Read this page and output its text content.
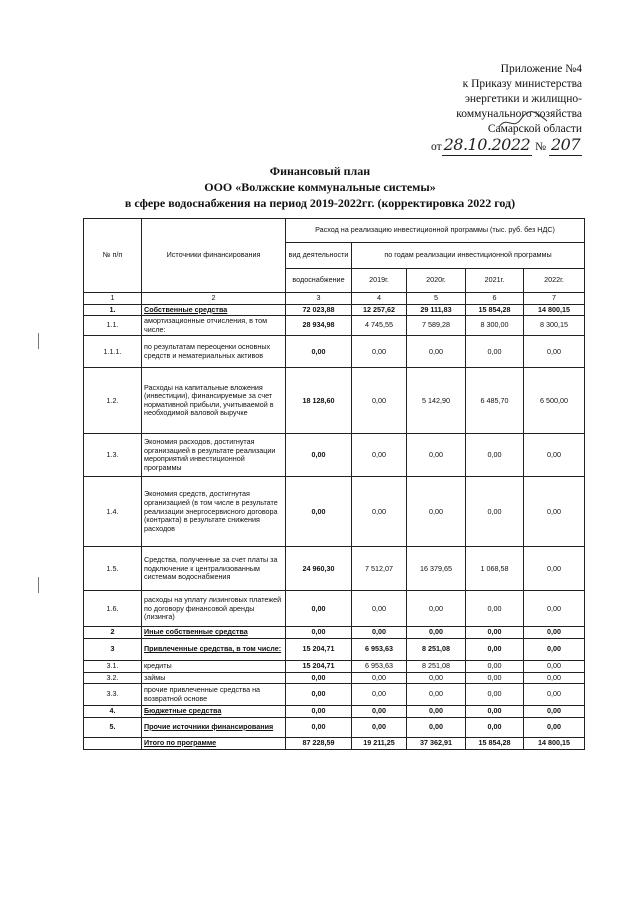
Приложение №4
к Приказу министерства
энергетики и жилищно-
коммунального хозяйства
Самарской области
от 28.10.2022 № 207
Финансовый план
ООО «Волжские коммунальные системы»
в сфере водоснабжения на период 2019-2022гг. (корректировка 2022 год)
№ п/п	Источники финансирования	Расход на реализацию инвестиционной программы (тыс. руб. без НДС)				
		вид деятельности	по годам реализации инвестиционной программы			
		водоснабжение	2019г.	2020г.	2021г.	2022г.
1	2	3	4	5	6	7
1.	Собственные средства	72 023,88	12 257,62	29 111,83	15 854,28	14 800,15
1.1.	амортизационные отчисления, в том числе:	28 934,98	4 745,55	7 589,28	8 300,00	8 300,15
1.1.1.	по результатам переоценки основных средств и нематериальных активов	0,00	0,00	0,00	0,00	0,00
1.2.	Расходы на капитальные вложения (инвестиции), финансируемые за счет нормативной прибыли, учитываемой в необходимой валовой выручке	18 128,60	0,00	5 142,90	6 485,70	6 500,00
1.3.	Экономия расходов, достигнутая организацией в результате реализации мероприятий инвестиционной программы	0,00	0,00	0,00	0,00	0,00
1.4.	Экономия средств, достигнутая организацией (в том числе в результате реализации энергосервисного договора (контракта) в результате снижения расходов	0,00	0,00	0,00	0,00	0,00
1.5.	Средства, полученные за счет платы за подключение к централизованным системам водоснабжения	24 960,30	7 512,07	16 379,65	1 068,58	0,00
1.6.	расходы на уплату лизинговых платежей по договору финансовой аренды (лизинга)	0,00	0,00	0,00	0,00	0,00
2	Иные собственные средства	0,00	0,00	0,00	0,00	0,00
3	Привлеченные средства, в том числе:	15 204,71	6 953,63	8 251,08	0,00	0,00
3.1.	кредиты	15 204,71	6 953,63	8 251,08	0,00	0,00
3.2.	займы	0,00	0,00	0,00	0,00	0,00
3.3.	прочие привлеченные средства на возвратной основе	0,00	0,00	0,00	0,00	0,00
4.	Бюджетные средства	0,00	0,00	0,00	0,00	0,00
5.	Прочие источники финансирования	0,00	0,00	0,00	0,00	0,00
	Итого по программе	87 228,59	19 211,25	37 362,91	15 854,28	14 800,15
